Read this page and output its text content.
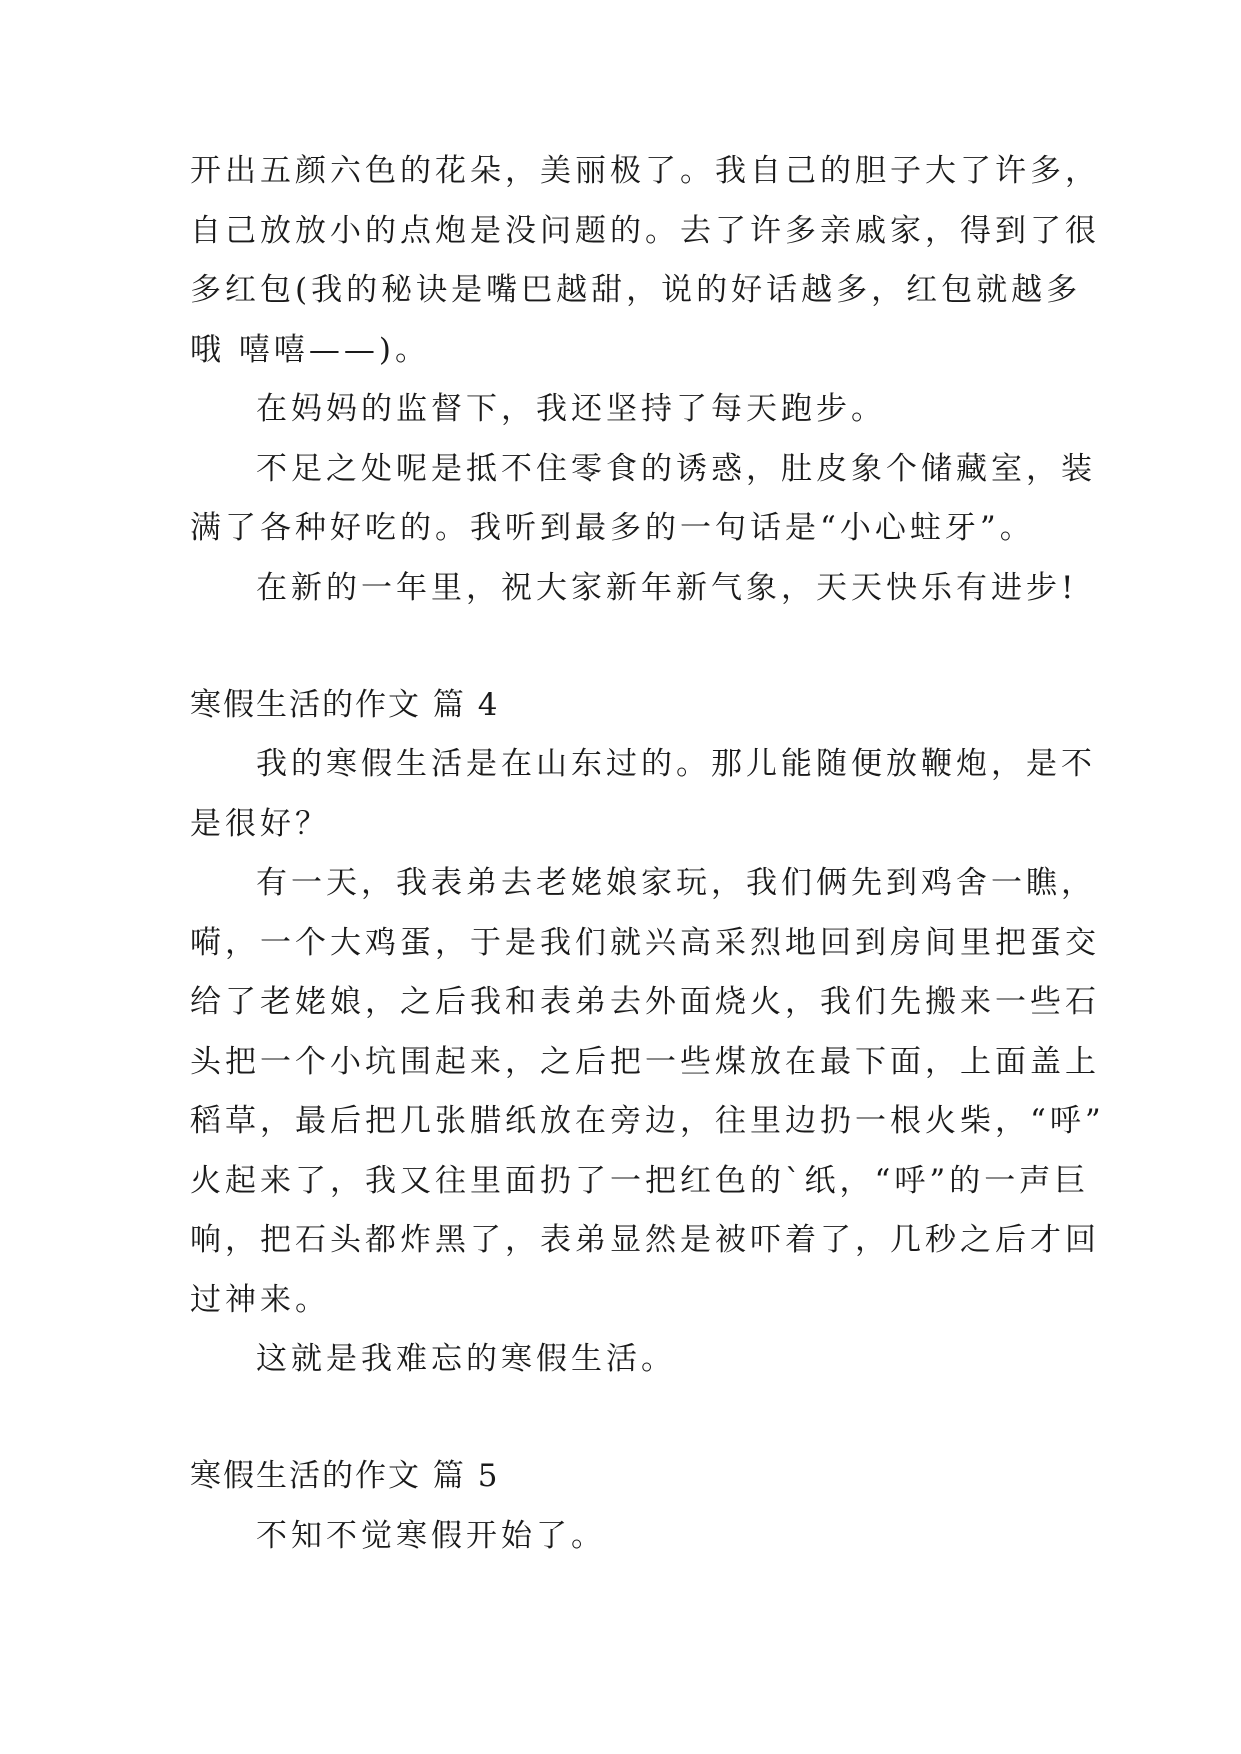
开出五颜六色的花朵，美丽极了。我自己的胆子大了许多，
自己放放小的点炮是没问题的。去了许多亲戚家，得到了很
多红包(我的秘诀是嘴巴越甜，说的好话越多，红包就越多
哦 嘻嘻——)。
在妈妈的监督下，我还坚持了每天跑步。
不足之处呢是抵不住零食的诱惑，肚皮象个储藏室，装
满了各种好吃的。我听到最多的一句话是“小心蛀牙”。
在新的一年里，祝大家新年新气象，天天快乐有进步!
寒假生活的作文 篇 4
我的寒假生活是在山东过的。那儿能随便放鞭炮，是不
是很好？
有一天，我表弟去老姥娘家玩，我们俩先到鸡舍一瞧，
嗬，一个大鸡蛋，于是我们就兴高采烈地回到房间里把蛋交
给了老姥娘，之后我和表弟去外面烧火，我们先搬来一些石
头把一个小坑围起来，之后把一些煤放在最下面，上面盖上
稻草，最后把几张腊纸放在旁边，往里边扔一根火柴，“呼”
火起来了，我又往里面扔了一把红色的`纸，“呼”的一声巨
响，把石头都炸黑了，表弟显然是被吓着了，几秒之后才回
过神来。
这就是我难忘的寒假生活。
寒假生活的作文 篇 5
不知不觉寒假开始了。
